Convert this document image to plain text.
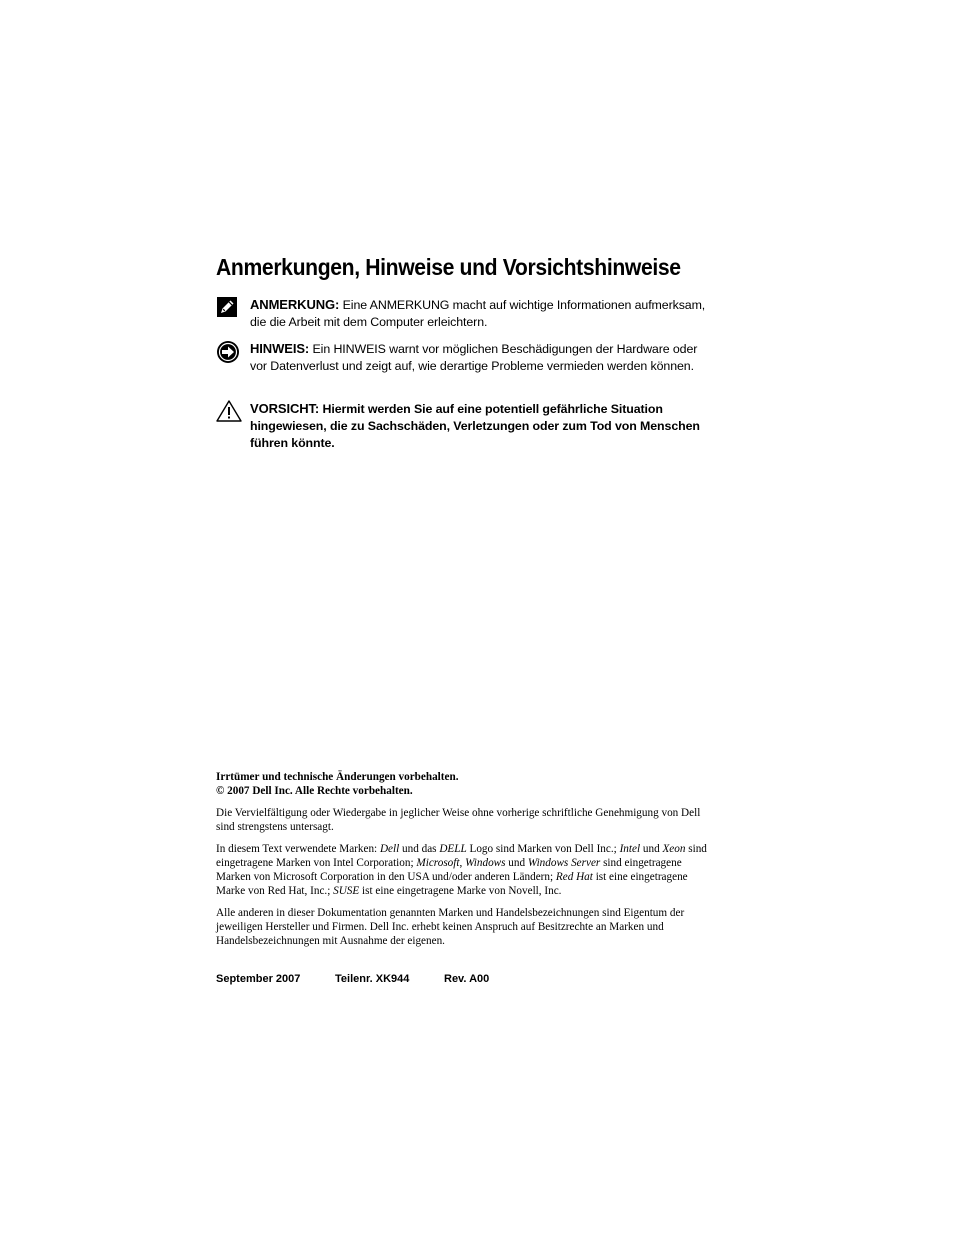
Anmerkungen, Hinweise und Vorsichtshinweise
ANMERKUNG: Eine ANMERKUNG macht auf wichtige Informationen aufmerksam, die die Arbeit mit dem Computer erleichtern.
HINWEIS: Ein HINWEIS warnt vor möglichen Beschädigungen der Hardware oder vor Datenverlust und zeigt auf, wie derartige Probleme vermieden werden können.
VORSICHT: Hiermit werden Sie auf eine potentiell gefährliche Situation hingewiesen, die zu Sachschäden, Verletzungen oder zum Tod von Menschen führen könnte.

Irrtümer und technische Änderungen vorbehalten.

© 2007 Dell Inc. Alle Rechte vorbehalten.

Die Vervielfältigung oder Wiedergabe in jeglicher Weise ohne vorherige schriftliche Genehmigung von Dell sind strengstens untersagt.

In diesem Text verwendete Marken: Dell und das DELL Logo sind Marken von Dell Inc.; Intel und Xeon sind eingetragene Marken von Intel Corporation; Microsoft, Windows und Windows Server sind eingetragene Marken von Microsoft Corporation in den USA und/oder anderen Ländern; Red Hat ist eine eingetragene Marke von Red Hat, Inc.; SUSE ist eine eingetragene Marke von Novell, Inc.

Alle anderen in dieser Dokumentation genannten Marken und Handelsbezeichnungen sind Eigentum der jeweiligen Hersteller und Firmen. Dell Inc. erhebt keinen Anspruch auf Besitzrechte an Marken und Handelsbezeichnungen mit Ausnahme der eigenen.

September 2007	Teilenr. XK944	Rev. A00
